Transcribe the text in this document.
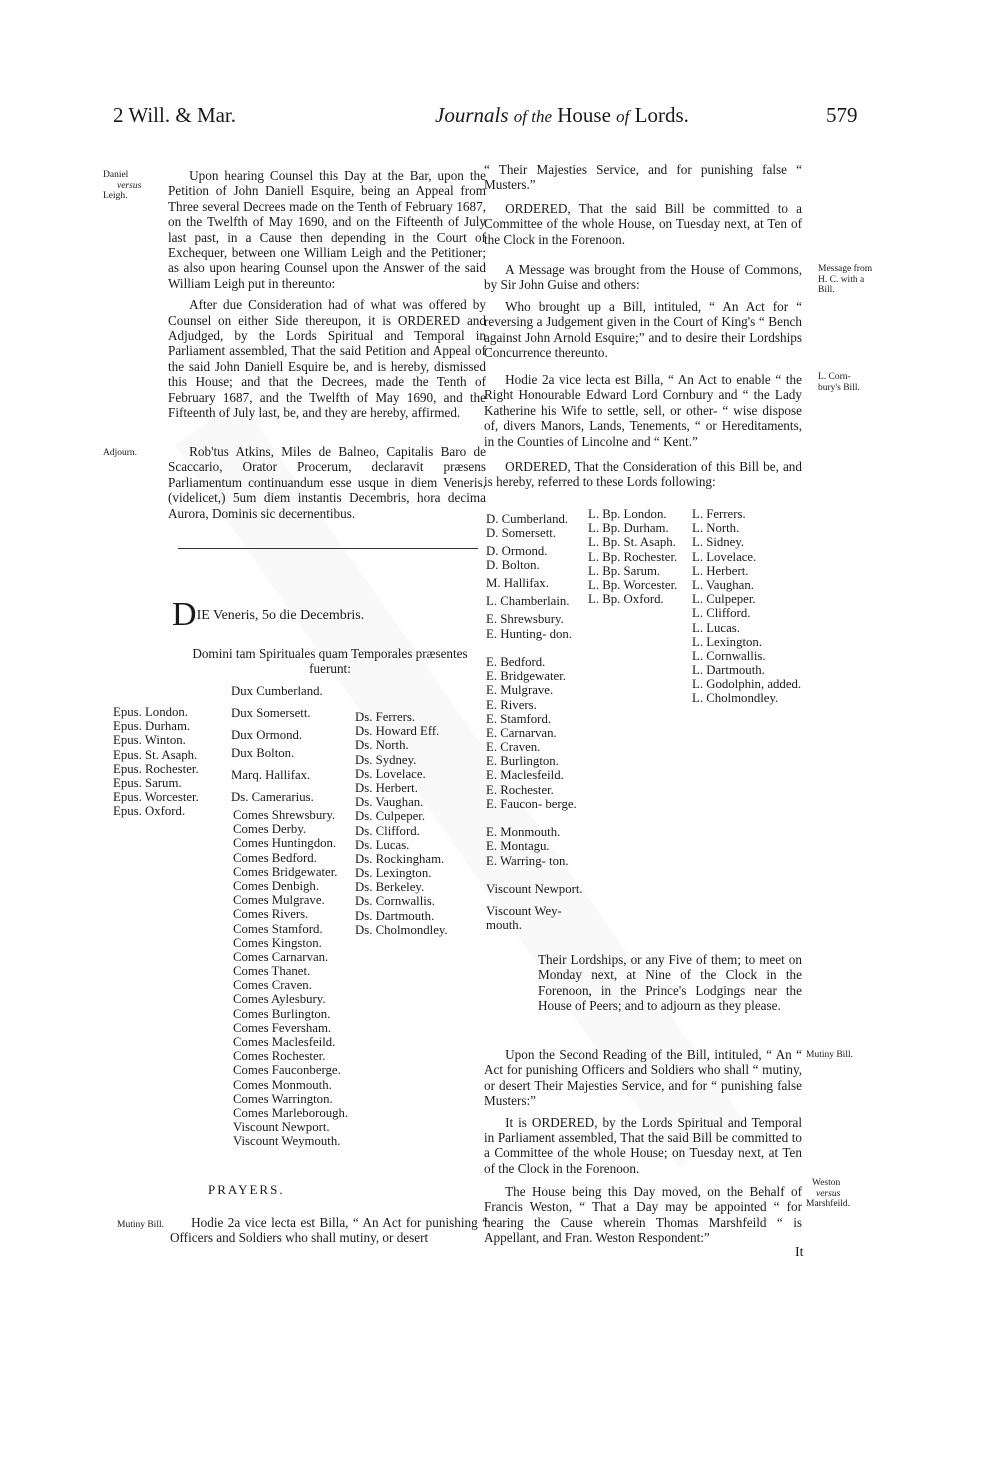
2 Will. & Mar.	Journals of the House of Lords.	579
Daniel
versus
Leigh.

Upon hearing Counsel this Day at the Bar, upon the Petition of John Daniell Esquire, being an Appeal from Three several Decrees made on the Tenth of February 1687, on the Twelfth of May 1690, and on the Fifteenth of July last past, in a Cause then depending in the Court of Exchequer, between one William Leigh and the Petitioner; as also upon hearing Counsel upon the Answer of the said William Leigh put in thereunto:

After due Consideration had of what was offered by Counsel on either Side thereupon, it is ORDERED and Adjudged, by the Lords Spiritual and Temporal in Parliament assembled, That the said Petition and Appeal of the said John Daniell Esquire be, and is hereby, dismissed this House; and that the Decrees, made the Tenth of February 1687, and the Twelfth of May 1690, and the Fifteenth of July last, be, and they are hereby, affirmed.

Adjourn.	Rob'tus Atkins, Miles de Balneo, Capitalis Baro de Scaccario, Orator Procerum, declaravit præsens Parliamentum continuandum esse usque in diem Veneris, (videlicet,) 5um diem instantis Decembris, hora decima Aurora, Dominis sic decernentibus.

DIE Veneris, 5o die Decembris.
Domini tam Spirituales quam Temporales præsentes
fuerunt:
Epus. London.
Epus. Durham.
Epus. Winton.
Epus. St. Asaph.
Epus. Rochester.
Epus. Sarum.
Epus. Worcester.
Epus. Oxford.
Dux Cumberland.
Dux Somersett.
Dux Ormond.
Dux Bolton.
Marq. Hallifax.
Ds. Camerarius.
Comes Shrewsbury.
Comes Derby.
Comes Huntingdon.
Comes Bedford.
Comes Bridgewater.
Comes Denbigh.
Comes Mulgrave.
Comes Rivers.
Comes Stamford.
Comes Kingston.
Comes Carnarvan.
Comes Thanet.
Comes Craven.
Comes Aylesbury.
Comes Burlington.
Comes Feversham.
Comes Maclesfeild.
Comes Rochester.
Comes Fauconberge.
Comes Monmouth.
Comes Warrington.
Comes Marleborough.
Viscount Newport.
Viscount Weymouth.
Ds. Ferrers.
Ds. Howard Eff.
Ds. North.
Ds. Sydney.
Ds. Lovelace.
Ds. Herbert.
Ds. Vaughan.
Ds. Culpeper.
Ds. Clifford.
Ds. Lucas.
Ds. Rockingham.
Ds. Lexington.
Ds. Berkeley.
Ds. Cornwallis.
Ds. Dartmouth.
Ds. Cholmondley.
PRAYERS.
Mutiny Bill.	Hodie 2a vice lecta est Billa, “ An Act for punishing “ Officers and Soldiers who shall mutiny, or desert

“ Their Majesties Service, and for punishing false “ Musters.”

ORDERED, That the said Bill be committed to a Committee of the whole House, on Tuesday next, at Ten of the Clock in the Forenoon.

A Message was brought from the House of Commons, by Sir John Guise and others:

Who brought up a Bill, intituled, “ An Act for “ reversing a Judgement given in the Court of King's “ Bench against John Arnold Esquire;” and to desire their Lordships Concurrence thereunto.

Message from
H. C. with a
Bill.

Hodie 2a vice lecta est Billa, “ An Act to enable “ the Right Honourable Edward Lord Cornbury and “ the Lady Katherine his Wife to settle, sell, or other- “ wise dispose of, divers Manors, Lands, Tenements, “ or Hereditaments, in the Counties of Lincolne and “ Kent.”

ORDERED, That the Consideration of this Bill be, and is hereby, referred to these Lords following:

L. Corn-
bury's Bill.
D. Cumberland.
D. Somersett.
D. Ormond.
D. Bolton.
M. Hallifax.
L. Chamberlain.
E. Shrewsbury.
E. Hunting- don.
E. Bedford.
E. Bridgewater.
E. Mulgrave.
E. Rivers.
E. Stamford.
E. Carnarvan.
E. Craven.
E. Burlington.
E. Maclesfeild.
E. Rochester.
E. Faucon- berge.
E. Monmouth.
E. Montagu.
E. Warring- ton.
Viscount Newport.
Viscount Wey- mouth.
L. Bp. London.
L. Bp. Durham.
L. Bp. St. Asaph.
L. Bp. Rochester.
L. Bp. Sarum.
L. Bp. Worcester.
L. Bp. Oxford.
L. Ferrers.
L. North.
L. Sidney.
L. Lovelace.
L. Herbert.
L. Vaughan.
L. Culpeper.
L. Clifford.
L. Lucas.
L. Lexington.
L. Cornwallis.
L. Dartmouth.
L. Godolphin, added.
L. Cholmondley.

Their Lordships, or any Five of them; to meet on Monday next, at Nine of the Clock in the Forenoon, in the Prince's Lodgings near the House of Peers; and to adjourn as they please.

Upon the Second Reading of the Bill, intituled, “ An “ Act for punishing Officers and Soldiers who shall “ mutiny, or desert Their Majesties Service, and for “ punishing false Musters:”

It is ORDERED, by the Lords Spiritual and Temporal in Parliament assembled, That the said Bill be committed to a Committee of the whole House; on Tuesday next, at Ten of the Clock in the Forenoon.

Mutiny Bill.

The House being this Day moved, on the Behalf of Francis Weston, “ That a Day may be appointed “ for hearing the Cause wherein Thomas Marshfeild “ is Appellant, and Fran. Weston Respondent:”

Weston
versus
Marshfeild.
It
